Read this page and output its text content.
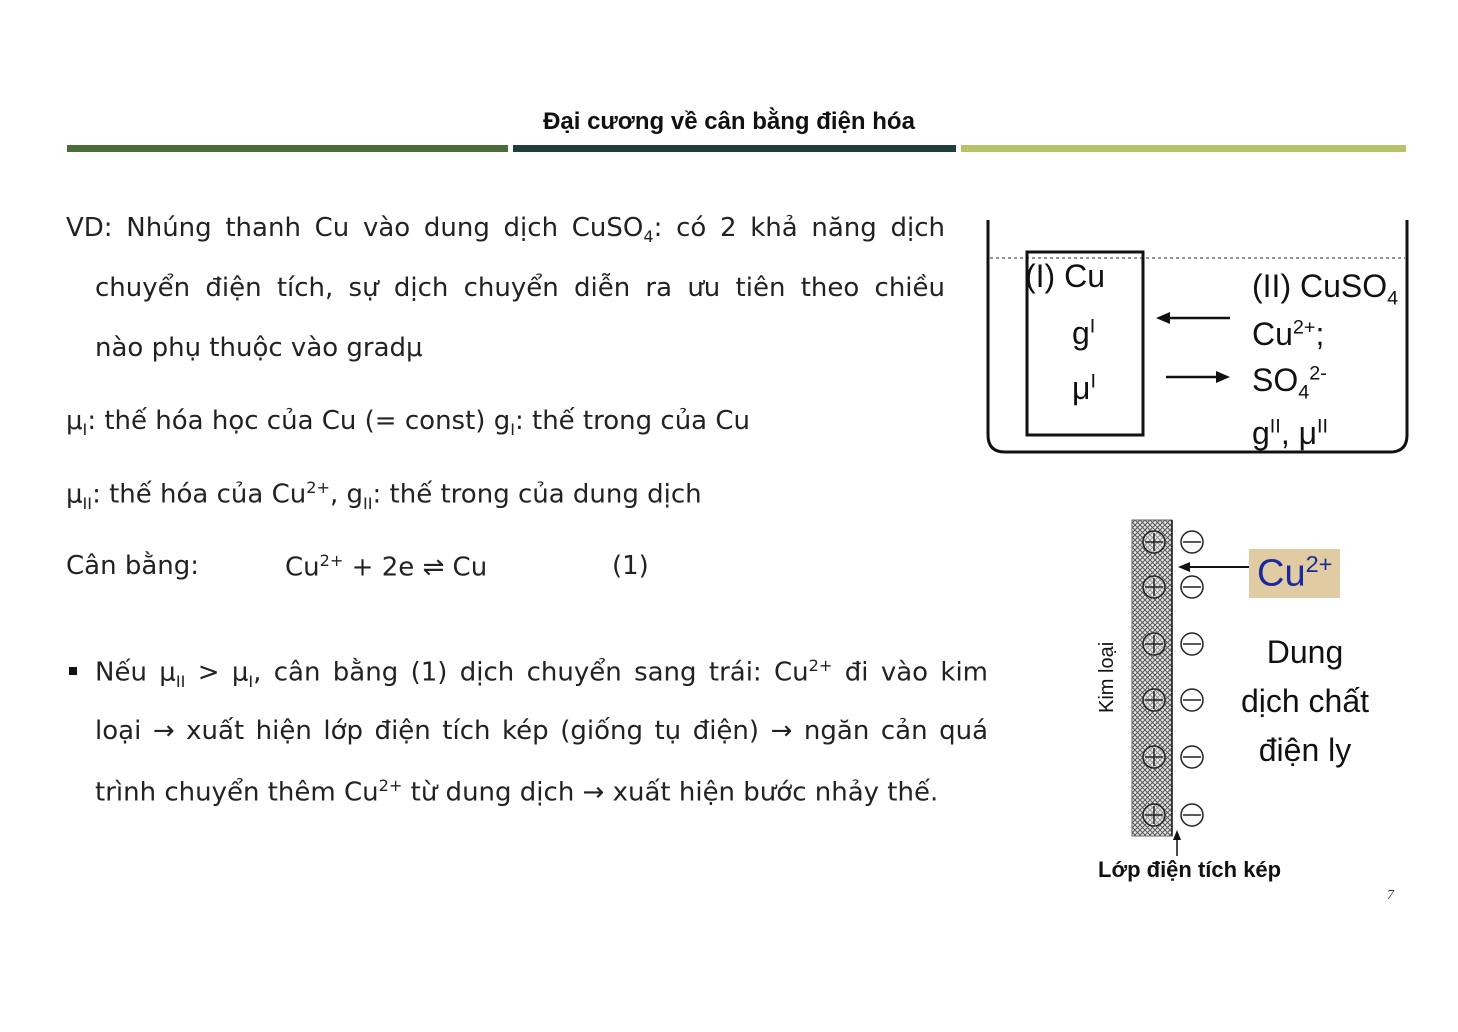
Đại cương về cân bằng điện hóa
VD: Nhúng thanh Cu vào dung dịch CuSO$_4$: có 2 khả năng dịch
chuyển điện tích, sự dịch chuyển diễn ra ưu tiên theo chiều
nào phụ thuộc vào gradμ
$\mu_I$: thế hóa học của Cu (= const) $g_I$: thế trong của Cu
$\mu_{II}$: thế hóa của $Cu^{2+}$, $g_{II}$: thế trong của dung dịch
Cân bằng:	$Cu^{2+} + 2e$ ⇌ Cu	(1)
Nếu $\mu_{II} > \mu_I$, cân bằng (1) dịch chuyển sang trái: $Cu^{2+}$ đi vào kim
loại → xuất hiện lớp điện tích kép (giống tụ điện) → ngăn cản quá
trình chuyển thêm $Cu^{2+}$ từ dung dịch → xuất hiện bước nhảy thế.
(I) Cu
$g^I$
$\mu^I$
(II) CuSO$_4$
$Cu^{2+}$;
$SO_4^{2-}$
$g^{II}$, $\mu^{II}$
$Cu^{2+}$
Dung
dịch chất
điện ly
Kim loại
Lớp điện tích kép
7
